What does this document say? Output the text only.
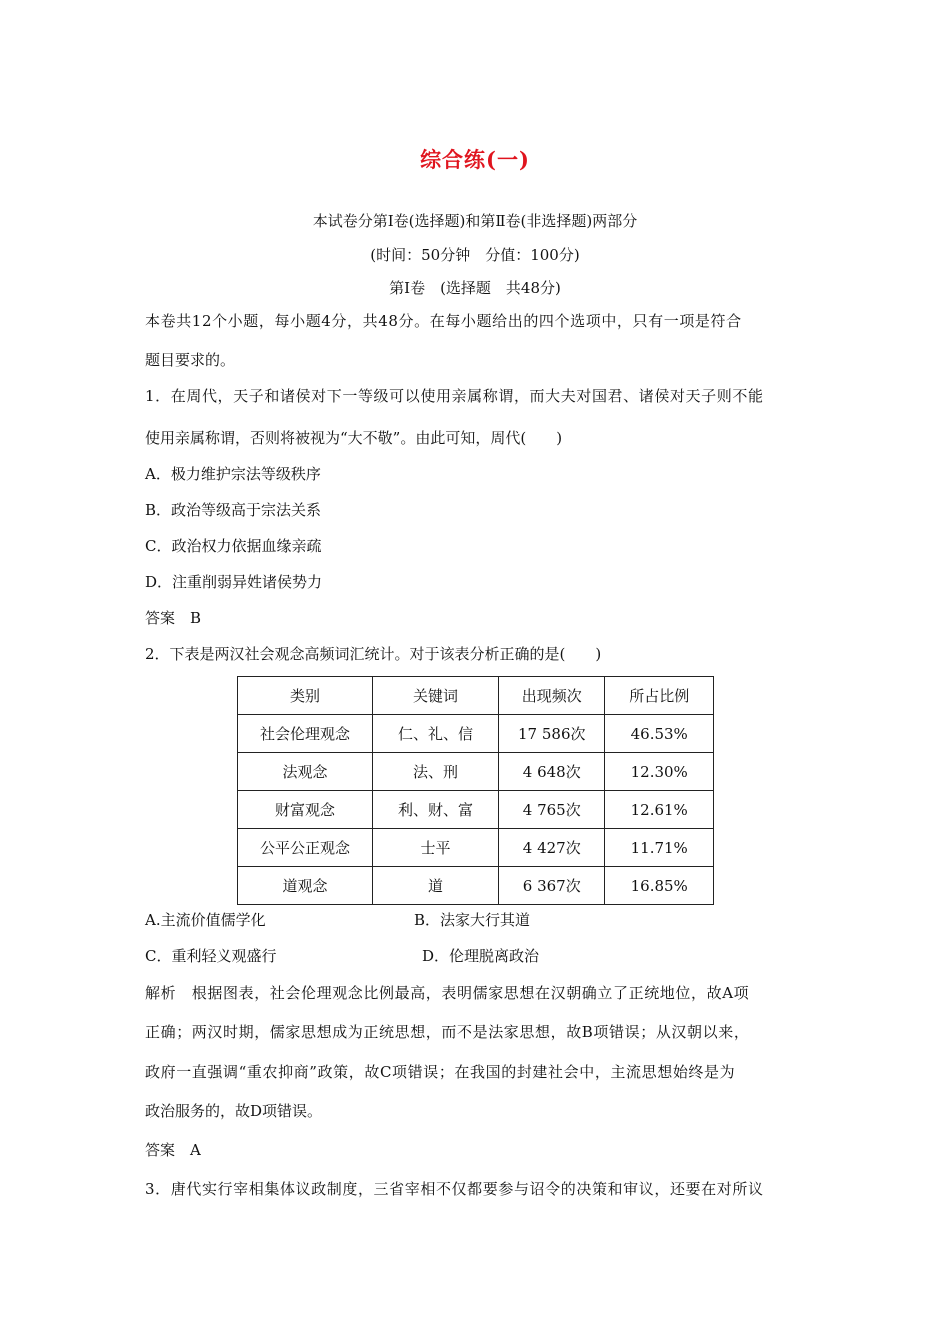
综合练(一)
本试卷分第Ⅰ卷(选择题)和第Ⅱ卷(非选择题)两部分
(时间：50分钟　分值：100分)
第Ⅰ卷　(选择题　共48分)
本卷共12个小题，每小题4分，共48分。在每小题给出的四个选项中，只有一项是符合
题目要求的。
1．在周代，天子和诸侯对下一等级可以使用亲属称谓，而大夫对国君、诸侯对天子则不能
使用亲属称谓，否则将被视为“大不敬”。由此可知，周代(　　)
A．极力维护宗法等级秩序
B．政治等级高于宗法关系
C．政治权力依据血缘亲疏
D．注重削弱异姓诸侯势力
答案　B
2．下表是两汉社会观念高频词汇统计。对于该表分析正确的是(　　)
类别	关键词	出现频次	所占比例
社会伦理观念	仁、礼、信	17 586次	46.53%
法观念	法、刑	4 648次	12.30%
财富观念	利、财、富	4 765次	12.61%
公平公正观念	士平	4 427次	11.71%
道观念	道	6 367次	16.85%
A.主流价值儒学化	B．法家大行其道
C．重利轻义观盛行	D．伦理脱离政治
解析　根据图表，社会伦理观念比例最高，表明儒家思想在汉朝确立了正统地位，故A项
正确；两汉时期，儒家思想成为正统思想，而不是法家思想，故B项错误；从汉朝以来，
政府一直强调“重农抑商”政策，故C项错误；在我国的封建社会中，主流思想始终是为
政治服务的，故D项错误。
答案　A
3．唐代实行宰相集体议政制度，三省宰相不仅都要参与诏令的决策和审议，还要在对所议
